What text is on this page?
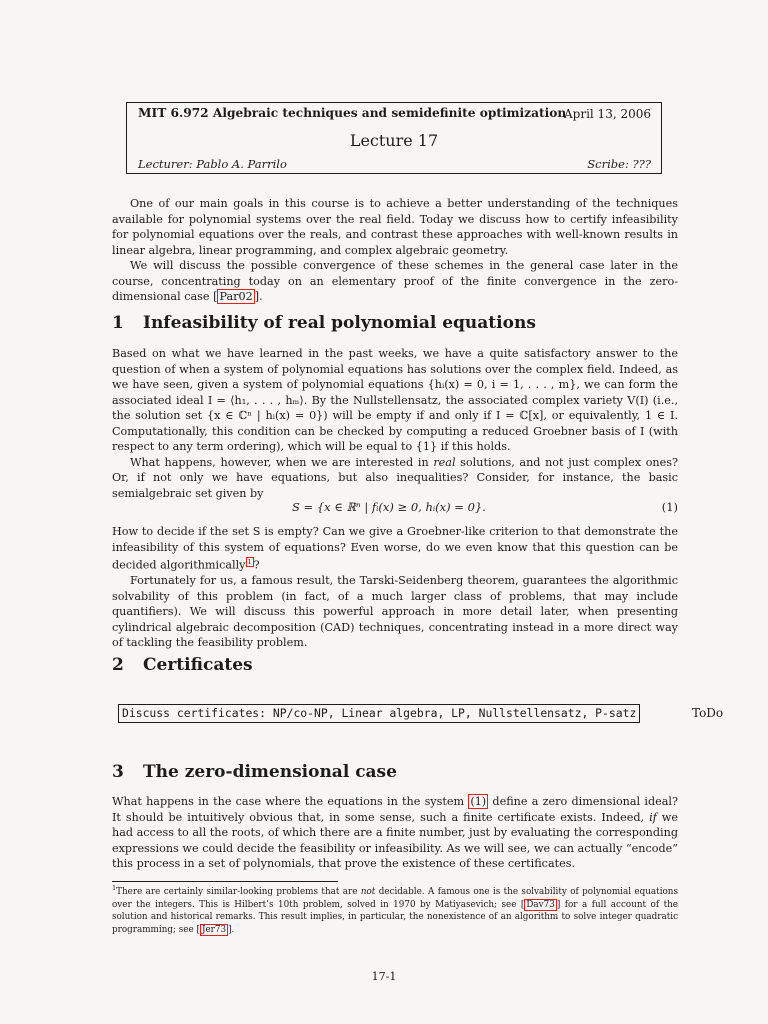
MIT 6.972 Algebraic techniques and semidefinite optimization
April 13, 2006
Lecture 17
Lecturer: Pablo A. Parrilo	Scribe: ???

One of our main goals in this course is to achieve a better understanding of the techniques available for polynomial systems over the real field. Today we discuss how to certify infeasibility for polynomial equations over the reals, and contrast these approaches with well-known results in linear algebra, linear programming, and complex algebraic geometry.

We will discuss the possible convergence of these schemes in the general case later in the course, concentrating today on an elementary proof of the finite convergence in the zero-dimensional case [ Par02 ].

1 Infeasibility of real polynomial equations

Based on what we have learned in the past weeks, we have a quite satisfactory answer to the question of when a system of polynomial equations has solutions over the complex field. Indeed, as we have seen, given a system of polynomial equations {hᵢ(x) = 0, i = 1, . . . , m}, we can form the associated ideal I = ⟨h₁, . . . , hₘ⟩. By the Nullstellensatz, the associated complex variety V(I) (i.e., the solution set {x ∈ ℂⁿ | hᵢ(x) = 0}) will be empty if and only if I = ℂ[x], or equivalently, 1 ∈ I. Computationally, this condition can be checked by computing a reduced Groebner basis of I (with respect to any term ordering), which will be equal to {1} if this holds.

What happens, however, when we are interested in real solutions, and not just complex ones? Or, if not only we have equations, but also inequalities? Consider, for instance, the basic semialgebraic set given by

S = {x ∈ ℝⁿ | fᵢ(x) ≥ 0, hᵢ(x) = 0}.	(1)

How to decide if the set S is empty? Can we give a Groebner-like criterion to that demonstrate the infeasibility of this system of equations? Even worse, do we even know that this question can be decided algorithmically $^1$ ?

Fortunately for us, a famous result, the Tarski-Seidenberg theorem, guarantees the algorithmic solvability of this problem (in fact, of a much larger class of problems, that may include quantifiers). We will discuss this powerful approach in more detail later, when presenting cylindrical algebraic decomposition (CAD) techniques, concentrating instead in a more direct way of tackling the feasibility problem.

2 Certificates
Discuss certificates: NP/co-NP, Linear algebra, LP, Nullstellensatz, P-satz	ToDo
3 The zero-dimensional case

What happens in the case where the equations in the system (1) define a zero dimensional ideal? It should be intuitively obvious that, in some sense, such a finite certificate exists. Indeed, if we had access to all the roots, of which there are a finite number, just by evaluating the corresponding expressions we could decide the feasibility or infeasibility. As we will see, we can actually “encode” this process in a set of polynomials, that prove the existence of these certificates.

$^1$There are certainly similar-looking problems that are not decidable. A famous one is the solvability of polynomial equations over the integers. This is Hilbert’s 10th problem, solved in 1970 by Matiyasevich; see [ Dav73 ] for a full account of the solution and historical remarks. This result implies, in particular, the nonexistence of an algorithm to solve integer quadratic programming; see [ Jer73 ].

17-1
